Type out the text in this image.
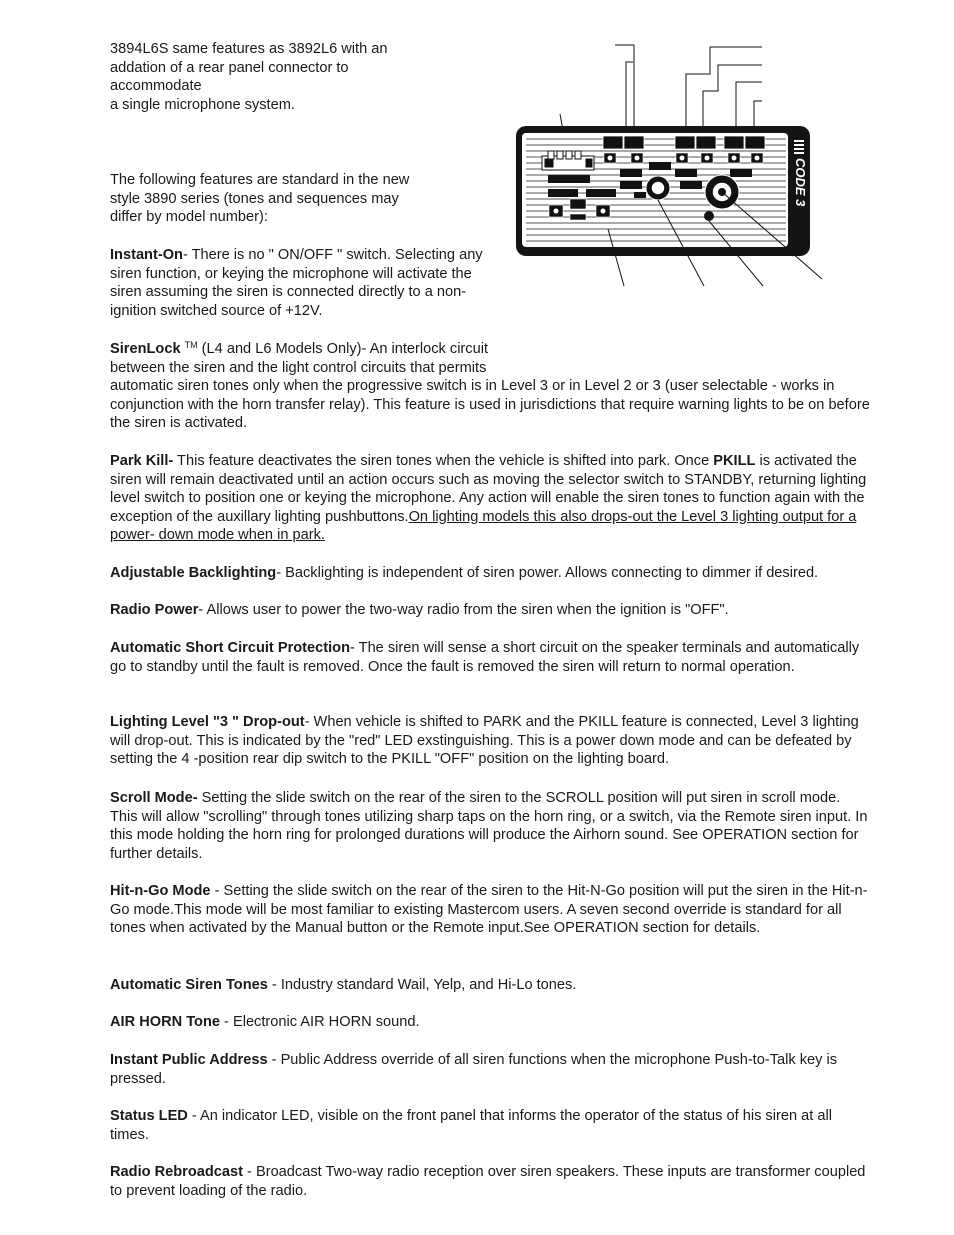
3894L6S same features as 3892L6 with an

addation of a rear panel connector to

accommodate

a single microphone system.

The following features are standard in the new

style 3890 series (tones and sequences may

differ by model number):

Instant-On- There is no " ON/OFF " switch. Selecting any

siren function, or keying the microphone will activate the

siren assuming the siren is connected directly to a non-

ignition switched source of +12V.

SirenLock ™ (L4 and L6 Models Only)- An interlock circuit

between the siren and the light control circuits that permits

automatic siren tones only when the progressive switch is in Level 3 or in Level 2 or 3 (user selectable - works in conjunction with the horn transfer relay). This feature is used in jurisdictions that require warning lights to be on before the siren is activated.

Park Kill- This feature deactivates the siren tones when the vehicle is shifted into park. Once PKILL is activated the siren will remain deactivated until an action occurs such as moving the selector switch to STANDBY, returning lighting level switch to position one or keying the microphone. Any action will enable the siren tones to function again with the exception of the auxillary lighting pushbuttons.On lighting models this also drops-out the Level 3 lighting output for a power- down mode when in park.

Adjustable Backlighting- Backlighting is independent of siren power. Allows connecting to dimmer if desired.

Radio Power- Allows user to power the two-way radio from the siren when the ignition is "OFF".

Automatic Short Circuit Protection- The siren will sense a short circuit on the speaker terminals and automatically go to standby until the fault is removed. Once the fault is removed the siren will return to normal operation.

Lighting Level "3 " Drop-out- When vehicle is shifted to PARK and the PKILL feature is connected, Level 3 lighting will drop-out. This is indicated by the "red" LED exstinguishing. This is a power down mode and can be defeated by setting the 4 -position rear dip switch to the PKILL "OFF" position on the lighting board.

Scroll Mode- Setting the slide switch on the rear of the siren to the SCROLL position will put siren in scroll mode. This will allow "scrolling" through tones utilizing sharp taps on the horn ring, or a switch, via the Remote siren input. In this mode holding the horn ring for prolonged durations will produce the Airhorn sound. See OPERATION section for further details.

Hit-n-Go Mode - Setting the slide switch on the rear of the siren to the Hit-N-Go position will put the siren in the Hit-n-Go mode.This mode will be most familiar to existing Mastercom users. A seven second override is standard for all tones when activated by the Manual button or the Remote input.See OPERATION section for details.

Automatic Siren Tones - Industry standard Wail, Yelp, and Hi-Lo tones.

AIR HORN Tone - Electronic AIR HORN sound.

Instant Public Address - Public Address override of all siren functions when the microphone Push-to-Talk key is pressed.

Status LED - An indicator LED, visible on the front panel that informs the operator of the status of his siren at all times.

Radio Rebroadcast - Broadcast Two-way radio reception over siren speakers. These inputs are transformer coupled to prevent loading of the radio.

CODE 3
